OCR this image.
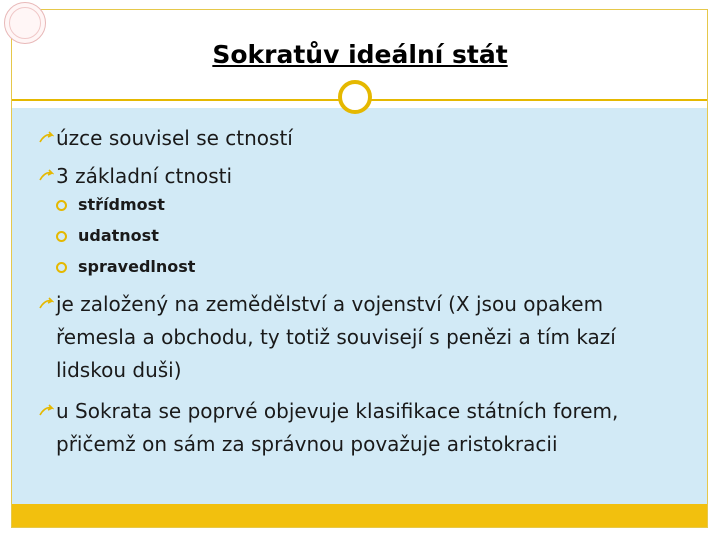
Sokratův ideální stát
úzce souvisel se ctností
3 základní ctnosti
střídmost
udatnost
spravedlnost
je založený na zemědělství a vojenství (X jsou opakem řemesla a obchodu, ty totiž souvisejí s penězi a tím kazí lidskou duši)
u Sokrata se poprvé objevuje klasifikace státních forem, přičemž on sám za správnou považuje aristokracii
